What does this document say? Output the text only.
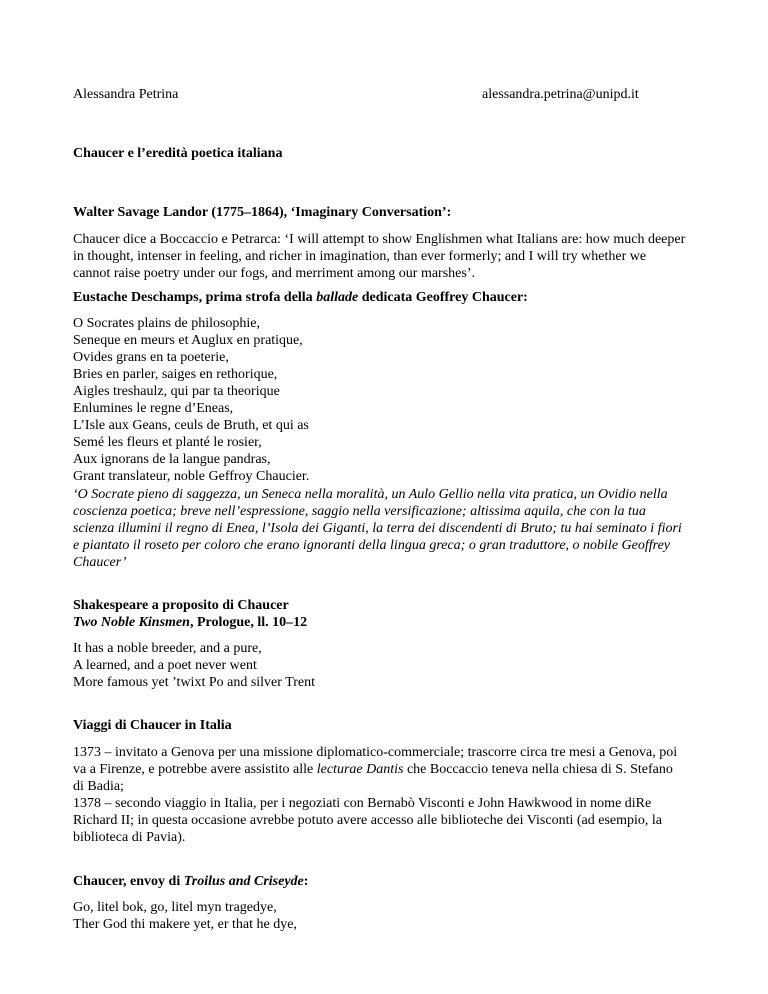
Alessandra Petrina	alessandra.petrina@unipd.it
Chaucer e l’eredità poetica italiana
Walter Savage Landor (1775–1864), ‘Imaginary Conversation’:
Chaucer dice a Boccaccio e Petrarca: ‘I will attempt to show Englishmen what Italians are: how much deeper
in thought, intenser in feeling, and richer in imagination, than ever formerly; and I will try whether we
cannot raise poetry under our fogs, and merriment among our marshes’.
Eustache Deschamps, prima strofa della ballade dedicata Geoffrey Chaucer:
O Socrates plains de philosophie,
Seneque en meurs et Auglux en pratique,
Ovides grans en ta poeterie,
Bries en parler, saiges en rethorique,
Aigles treshaulz, qui par ta theorique
Enlumines le regne d’Eneas,
L’Isle aux Geans, ceuls de Bruth, et qui as
Semé les fleurs et planté le rosier,
Aux ignorans de la langue pandras,
Grant translateur, noble Geffroy Chaucier.
‘O Socrate pieno di saggezza, un Seneca nella moralità, un Aulo Gellio nella vita pratica, un Ovidio nella
coscienza poetica; breve nell’espressione, saggio nella versificazione; altissima aquila, che con la tua
scienza illumini il regno di Enea, l’Isola dei Giganti, la terra dei discendenti di Bruto; tu hai seminato i fiori
e piantato il roseto per coloro che erano ignoranti della lingua greca; o gran traduttore, o nobile Geoffrey
Chaucer’
Shakespeare a proposito di Chaucer
Two Noble Kinsmen, Prologue, ll. 10–12
It has a noble breeder, and a pure,
A learned, and a poet never went
More famous yet ’twixt Po and silver Trent
Viaggi di Chaucer in Italia
1373 – invitato a Genova per una missione diplomatico-commerciale; trascorre circa tre mesi a Genova, poi
va a Firenze, e potrebbe avere assistito alle lecturae Dantis che Boccaccio teneva nella chiesa di S. Stefano
di Badia;
1378 – secondo viaggio in Italia, per i negoziati con Bernabò Visconti e John Hawkwood in nome diRe
Richard II; in questa occasione avrebbe potuto avere accesso alle biblioteche dei Visconti (ad esempio, la
biblioteca di Pavia).
Chaucer, envoy di Troilus and Criseyde:
Go, litel bok, go, litel myn tragedye,
Ther God thi makere yet, er that he dye,
